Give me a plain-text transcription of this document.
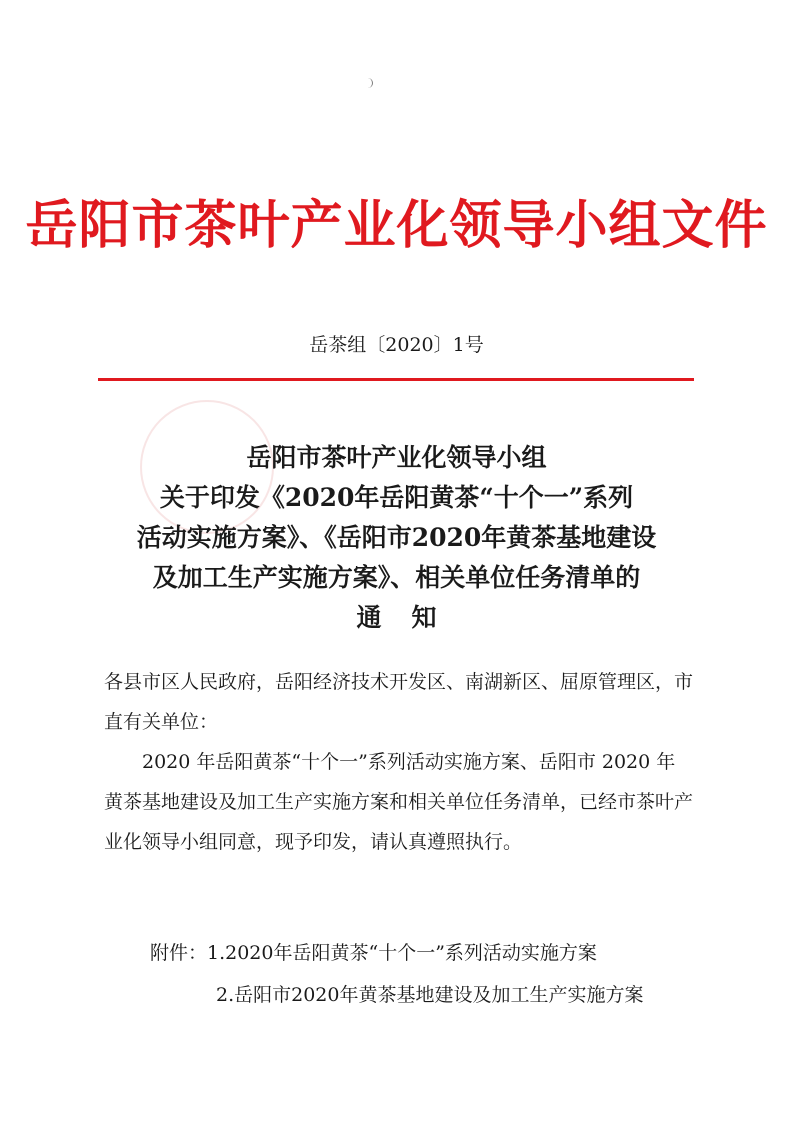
岳阳市茶叶产业化领导小组文件
岳茶组〔2020〕1号
岳阳市茶叶产业化领导小组
关于印发《2020年岳阳黄茶“十个一”系列
活动实施方案》、《岳阳市2020年黄茶基地建设
及加工生产实施方案》、相关单位任务清单的
通知

各县市区人民政府，岳阳经济技术开发区、南湖新区、屈原管理区，市直有关单位：

2020 年岳阳黄茶“十个一”系列活动实施方案、岳阳市 2020 年黄茶基地建设及加工生产实施方案和相关单位任务清单，已经市茶叶产业化领导小组同意，现予印发，请认真遵照执行。

附件：1.2020年岳阳黄茶“十个一”系列活动实施方案
2.岳阳市2020年黄茶基地建设及加工生产实施方案
